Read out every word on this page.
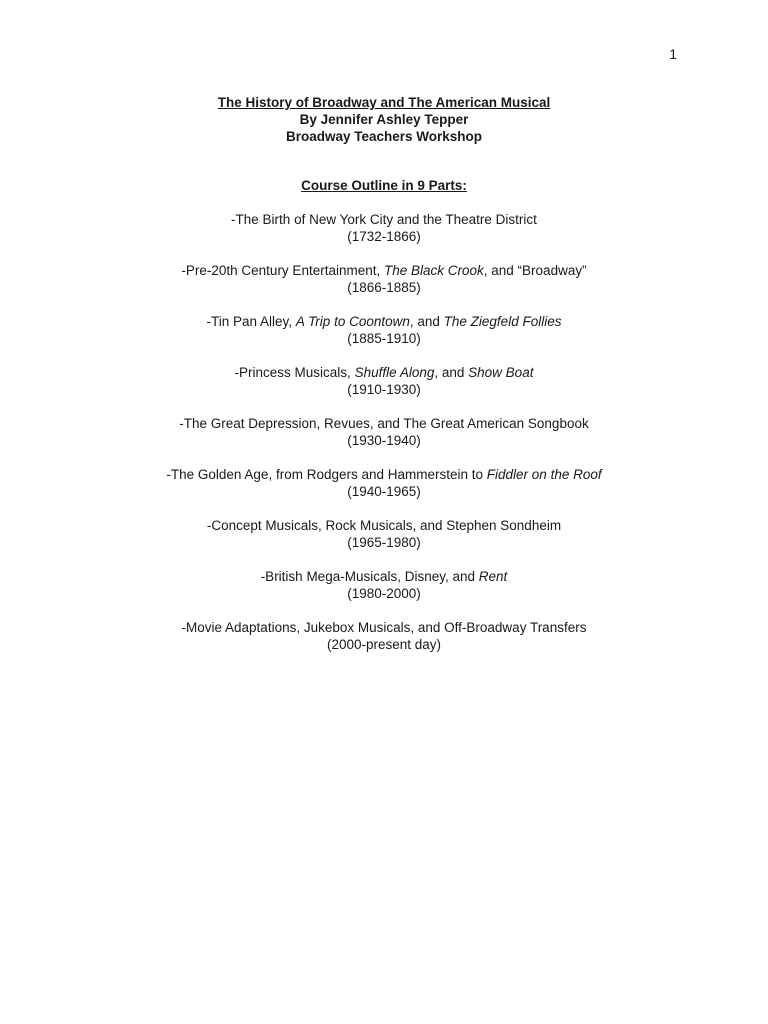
1
The History of Broadway and The American Musical
By Jennifer Ashley Tepper
Broadway Teachers Workshop
Course Outline in 9 Parts:
-The Birth of New York City and the Theatre District
(1732-1866)
-Pre-20th Century Entertainment, The Black Crook, and “Broadway”
(1866-1885)
-Tin Pan Alley, A Trip to Coontown, and The Ziegfeld Follies
(1885-1910)
-Princess Musicals, Shuffle Along, and Show Boat
(1910-1930)
-The Great Depression, Revues, and The Great American Songbook
(1930-1940)
-The Golden Age, from Rodgers and Hammerstein to Fiddler on the Roof
(1940-1965)
-Concept Musicals, Rock Musicals, and Stephen Sondheim
(1965-1980)
-British Mega-Musicals, Disney, and Rent
(1980-2000)
-Movie Adaptations, Jukebox Musicals, and Off-Broadway Transfers
(2000-present day)
